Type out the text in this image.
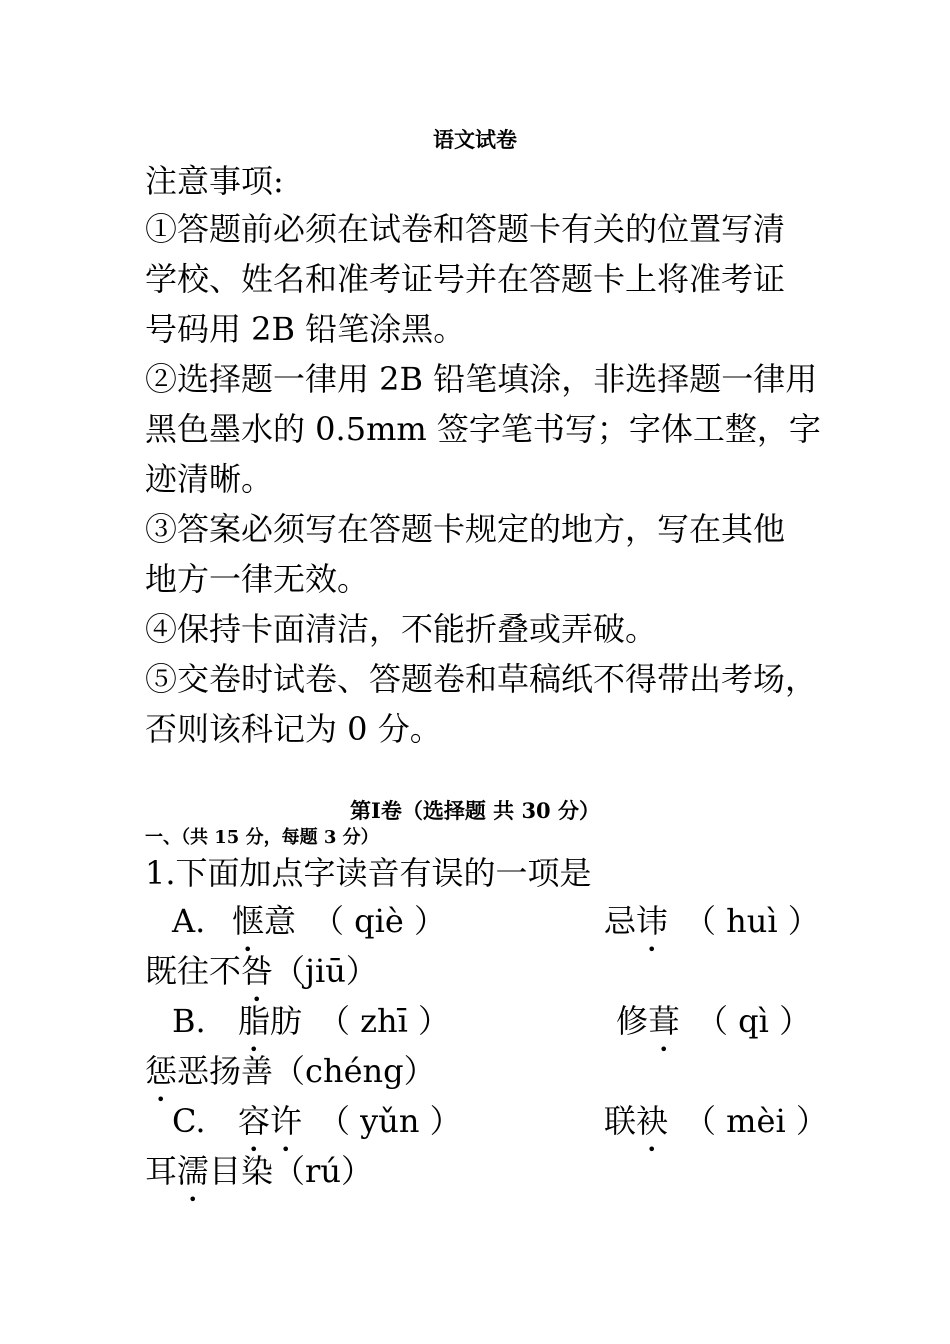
语文试卷
注意事项:
①答题前必须在试卷和答题卡有关的位置写清
学校、姓名和准考证号并在答题卡上将准考证
号码用 2B 铅笔涂黑。
②选择题一律用 2B 铅笔填涂，非选择题一律用
黑色墨水的 0.5mm 签字笔书写；字体工整，字
迹清晰。
③答案必须写在答题卡规定的地方，写在其他
地方一律无效。
④保持卡面清洁，不能折叠或弄破。
⑤交卷时试卷、答题卷和草稿纸不得带出考场，
否则该科记为 0 分。
第I卷（选择题 共 30 分）
一、（共 15 分，每题 3 分）
1.下面加点字读音有误的一项是
A. 惬意 （ qiè ）	忌讳 （ huì ）
既往不咎（jiū）
B. 脂肪 （ zhī ）	修葺 （ qì ）
惩恶扬善（chéng）
C. 容许 （ yǔn ）	联袂 （ mèi ）
耳濡目染（rú）
